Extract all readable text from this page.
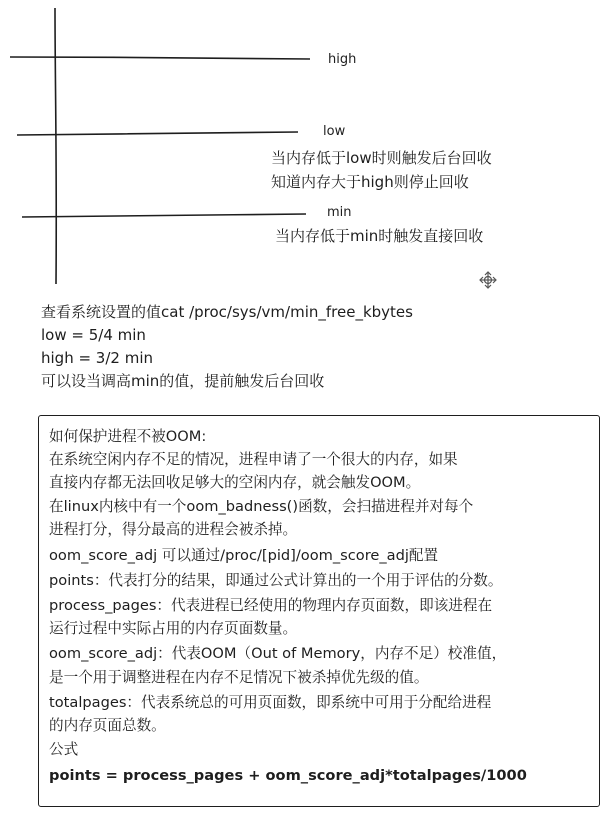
high
low
min
当内存低于low时则触发后台回收
知道内存大于high则停止回收
当内存低于min时触发直接回收
查看系统设置的值cat /proc/sys/vm/min_free_kbytes
low = 5/4 min
high = 3/2 min
可以设当调高min的值，提前触发后台回收
如何保护进程不被OOM:
在系统空闲内存不足的情况，进程申请了一个很大的内存，如果
直接内存都无法回收足够大的空闲内存，就会触发OOM。
在linux内核中有一个oom_badness()函数，会扫描进程并对每个
进程打分，得分最高的进程会被杀掉。
oom_score_adj 可以通过/proc/[pid]/oom_score_adj配置
points：代表打分的结果，即通过公式计算出的一个用于评估的分数。
process_pages：代表进程已经使用的物理内存页面数，即该进程在
运行过程中实际占用的内存页面数量。
oom_score_adj：代表OOM（Out of Memory，内存不足）校准值，
是一个用于调整进程在内存不足情况下被杀掉优先级的值。
totalpages：代表系统总的可用页面数，即系统中可用于分配给进程
的内存页面总数。
公式
points = process_pages + oom_score_adj*totalpages/1000
